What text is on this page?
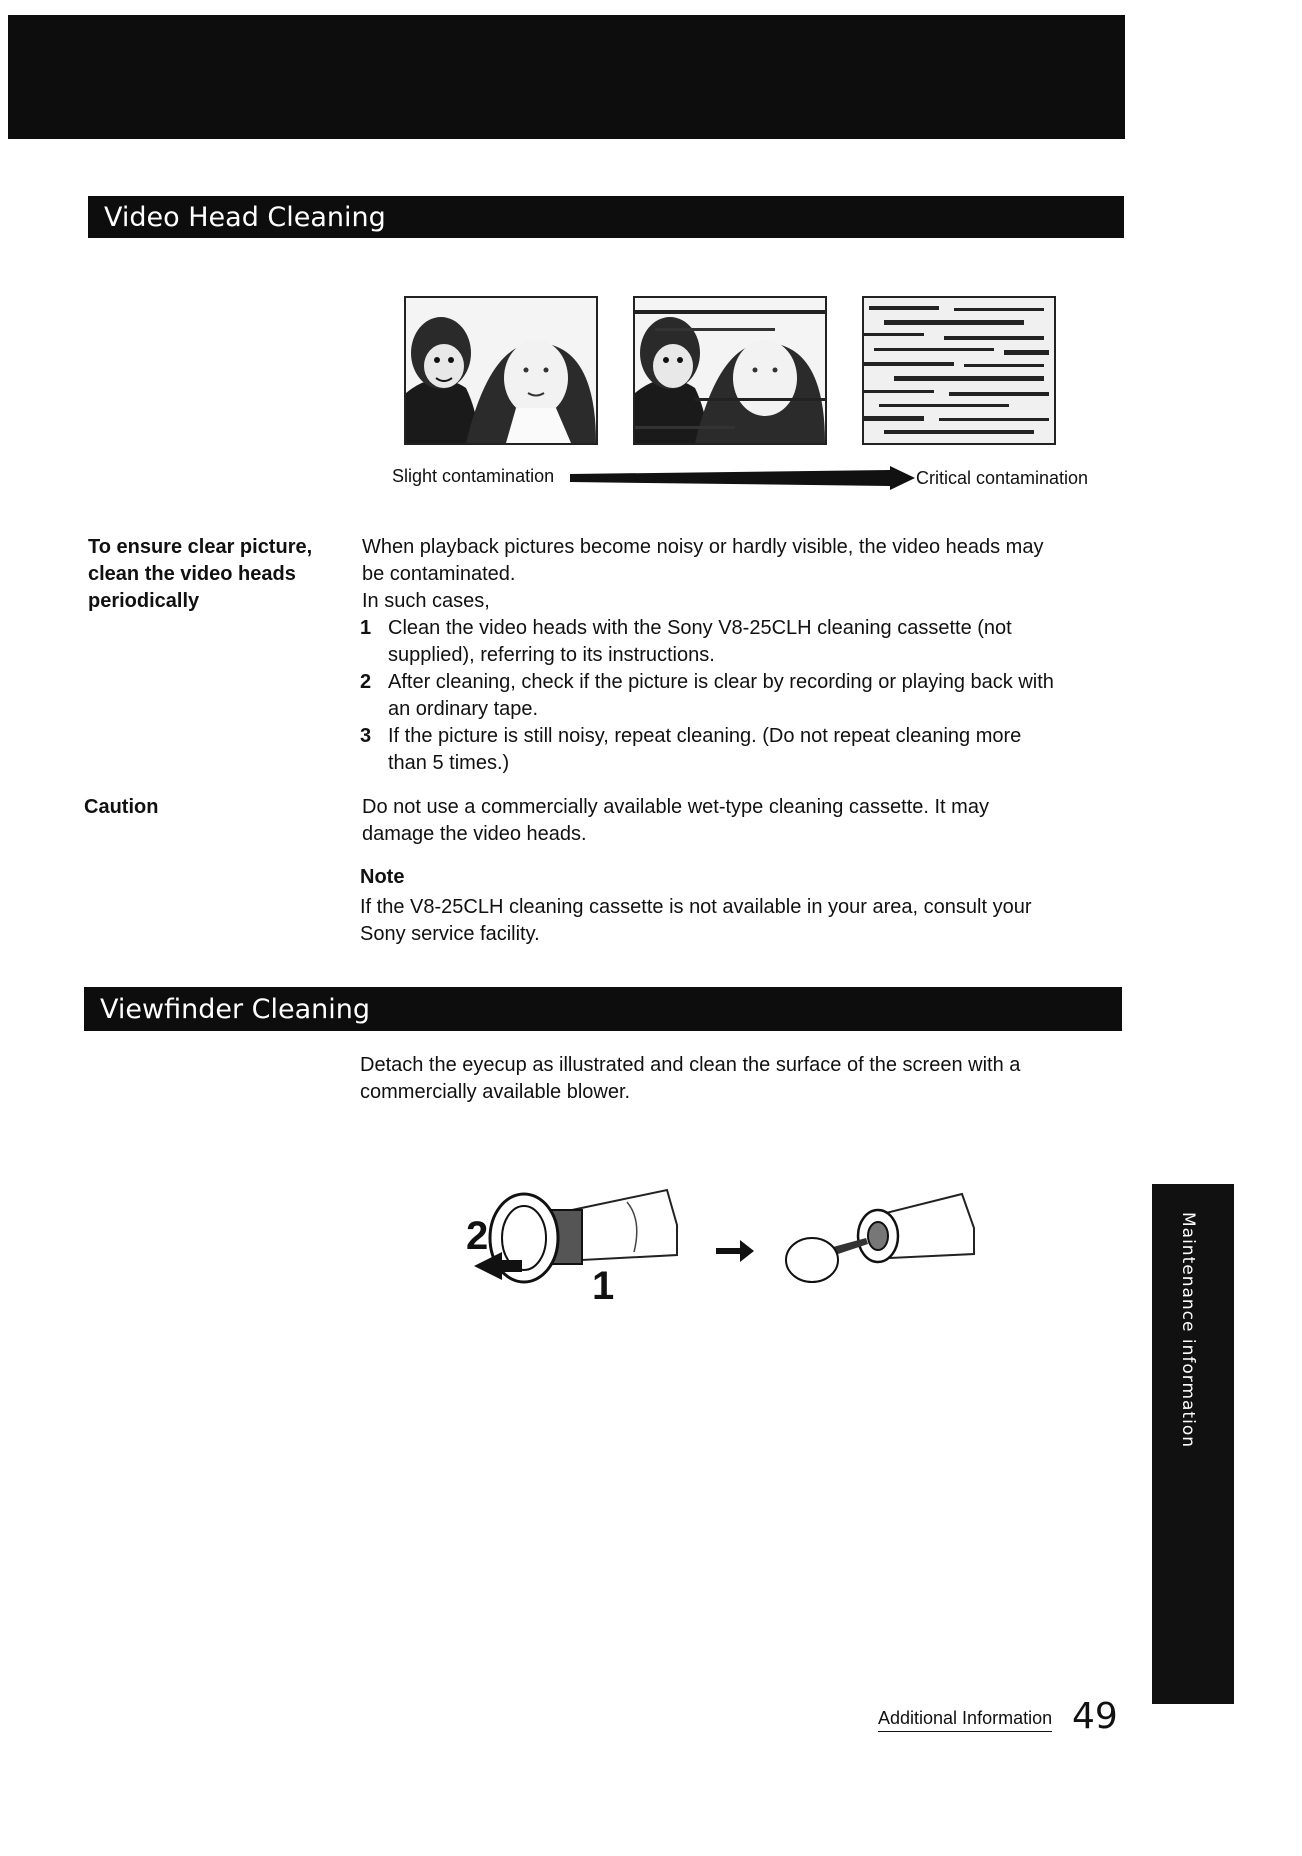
Video Head Cleaning
Slight contamination	Critical contamination
To ensure clear picture,
clean the video heads
periodically
When playback pictures become noisy or hardly visible, the video heads may
be contaminated.
In such cases,
1 Clean the video heads with the Sony V8-25CLH cleaning cassette (not
supplied), referring to its instructions.
2 After cleaning, check if the picture is clear by recording or playing back with
an ordinary tape.
3 If the picture is still noisy, repeat cleaning. (Do not repeat cleaning more
than 5 times.)
Caution	Do not use a commercially available wet-type cleaning cassette. It may
damage the video heads.
Note
If the V8-25CLH cleaning cassette is not available in your area, consult your
Sony service facility.
Viewfinder Cleaning
Detach the eyecup as illustrated and clean the surface of the screen with a
commercially available blower.
2
1	Maintenance information
Additional Information 49
